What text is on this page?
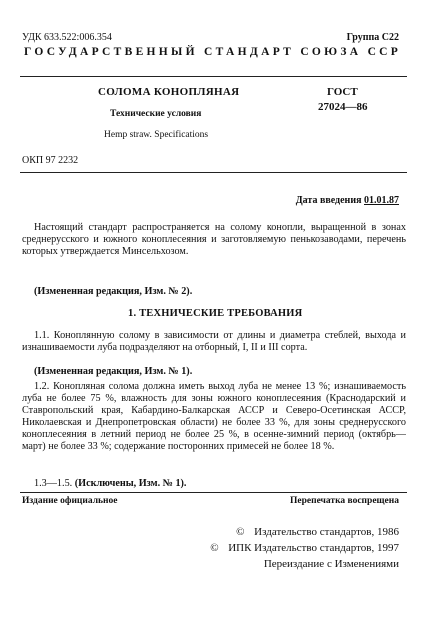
УДК 633.522:006.354	Группа С22
ГОСУДАРСТВЕННЫЙ СТАНДАРТ СОЮЗА ССР
СОЛОМА КОНОПЛЯНАЯ
Технические условия
Hemp straw. Specifications
ГОСТ
27024—86
ОКП 97 2232
Дата введения 01.01.87
Настоящий стандарт распространяется на солому конопли, выращенной в зонах среднерусского и южного коноплесеяния и заготовляемую пенькозаводами, перечень которых утверждается Минсельхозом.
(Измененная редакция, Изм. № 2).
1. ТЕХНИЧЕСКИЕ ТРЕБОВАНИЯ
1.1. Коноплянную солому в зависимости от длины и диаметра стеблей, выхода и изнашиваемости луба подразделяют на отборный, I, II и III сорта.
(Измененная редакция, Изм. № 1).
1.2. Конопляная солома должна иметь выход луба не менее 13 %; изнашиваемость луба не более 75 %, влажность для зоны южного коноплесеяния (Краснодарский и Ставропольский края, Кабардино-Балкарская АССР и Северо-Осетинская АССР, Николаевская и Днепропетровская области) не более 33 %, для зоны среднерусского коноплесеяния в летний период не более 25 %, в осенне-зимний период (октябрь—март) не более 33 %; содержание посторонних примесей не более 18 %.
1.3—1.5. (Исключены, Изм. № 1).
Издание официальное	Перепечатка воспрещена
© Издательство стандартов, 1986
© ИПК Издательство стандартов, 1997
Переиздание с Изменениями
